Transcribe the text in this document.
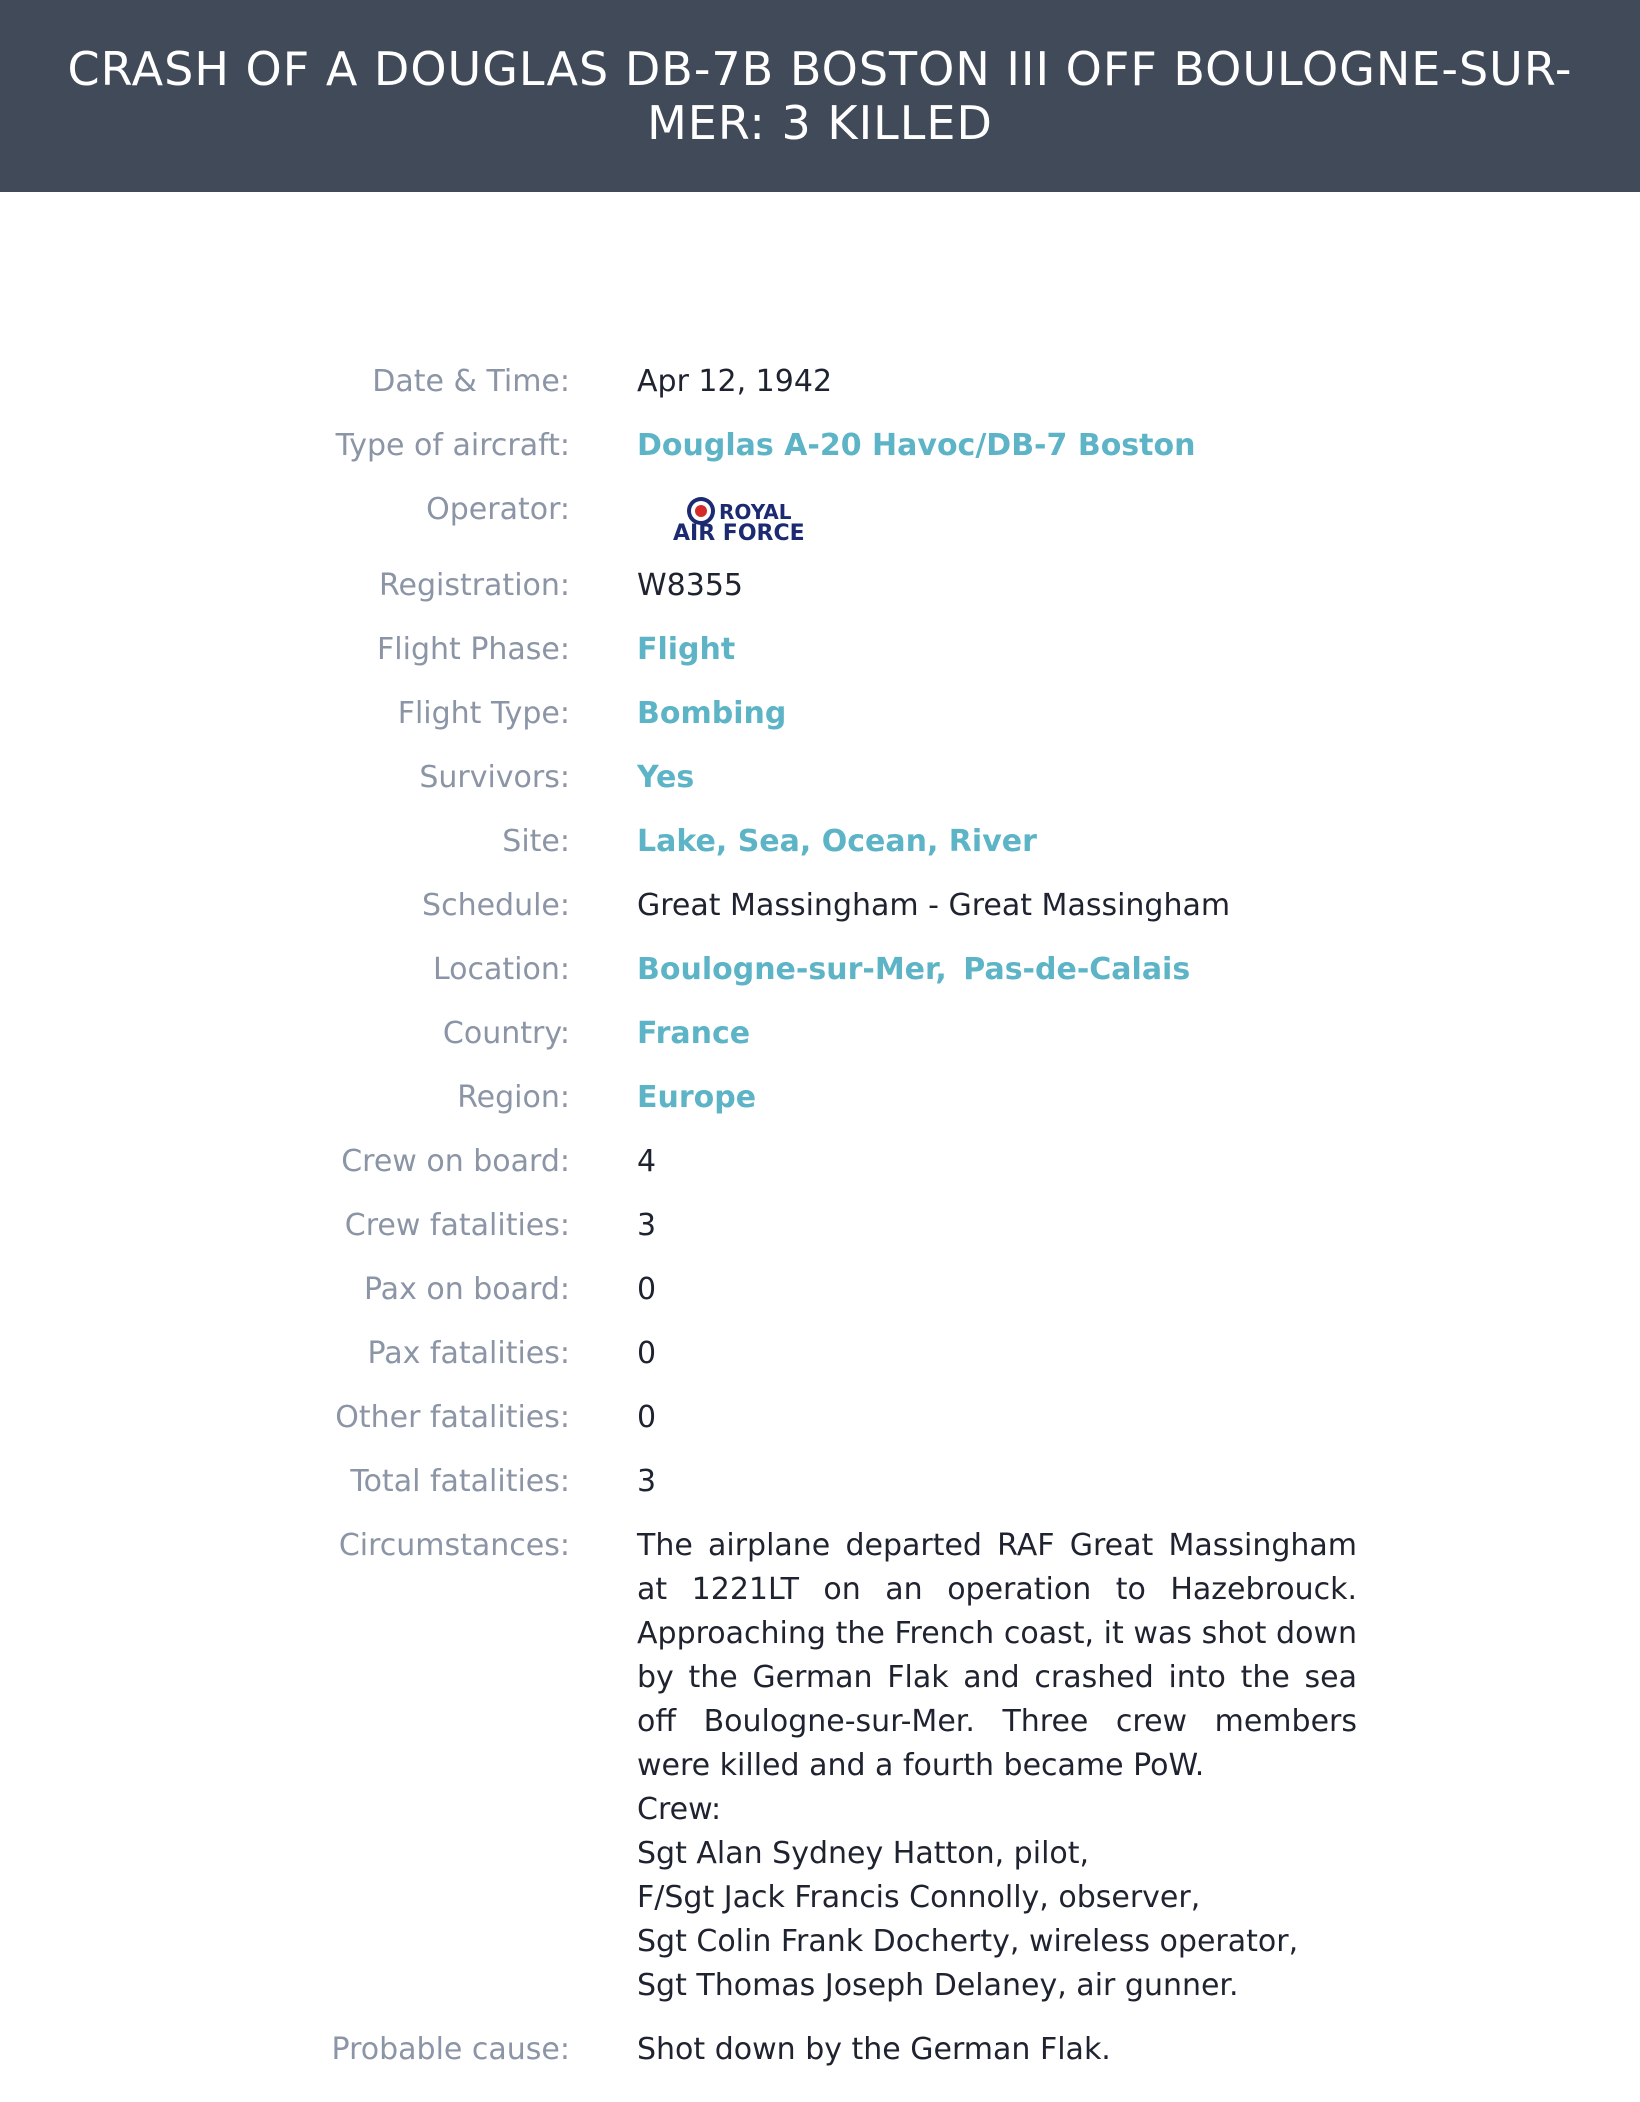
CRASH OF A DOUGLAS DB-7B BOSTON III OFF BOULOGNE-SUR-MER: 3 KILLED
Date & Time: Apr 12, 1942
Type of aircraft: Douglas A-20 Havoc/DB-7 Boston
Operator:	ROYAL
AIR FORCE
Registration: W8355
Flight Phase: Flight
Flight Type: Bombing
Survivors: Yes
Site: Lake, Sea, Ocean, River
Schedule: Great Massingham - Great Massingham
Location: Boulogne-sur-Mer, Pas-de-Calais
Country: France
Region: Europe
Crew on board: 4
Crew fatalities: 3
Pax on board: 0
Pax fatalities: 0
Other fatalities: 0
Total fatalities: 3
Circumstances: The airplane departed RAF Great Massingham at 1221LT on an operation to Hazebrouck. Approaching the French coast, it was shot down by the German Flak and crashed into the sea off Boulogne-sur-Mer. Three crew members were killed and a fourth became PoW.
Crew:
Sgt Alan Sydney Hatton, pilot,
F/Sgt Jack Francis Connolly, observer,
Sgt Colin Frank Docherty, wireless operator,
Sgt Thomas Joseph Delaney, air gunner.
Probable cause: Shot down by the German Flak.
